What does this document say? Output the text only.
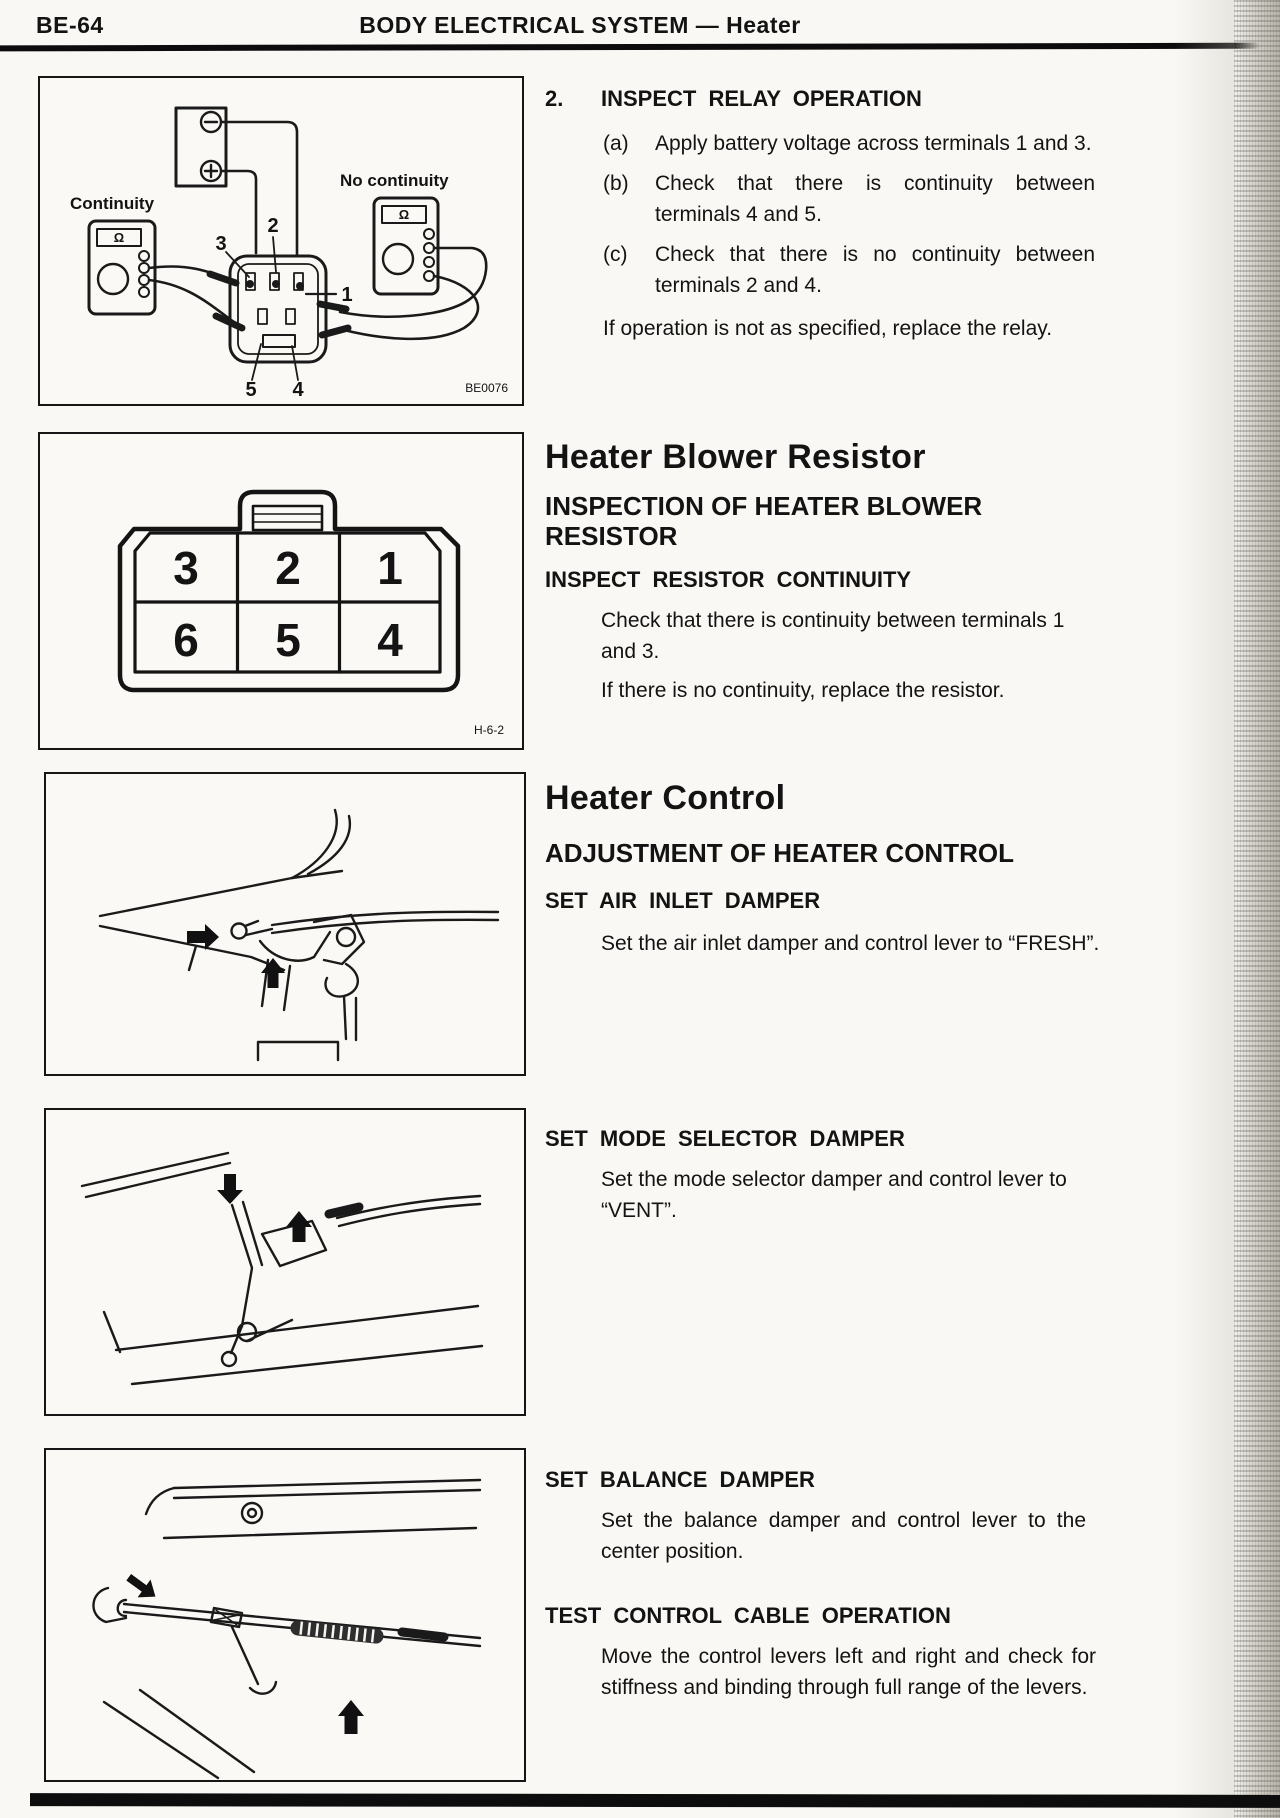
BE-64	BODY ELECTRICAL SYSTEM — Heater
Continuity
No continuity
Ω
Ω
3
2
1
5 4	BE0076
3 2 1
6 5 4
H-6-2
2.	INSPECT RELAY OPERATION
(a)	Apply battery voltage across terminals 1 and 3.
(b)	Check that there is continuity between terminals 4 and 5.
(c)	Check that there is no continuity between terminals 2 and 4.
If operation is not as specified, replace the relay.
Heater Blower Resistor
INSPECTION OF HEATER BLOWER RESISTOR
INSPECT RESISTOR CONTINUITY
Check that there is continuity between terminals 1 and 3.
If there is no continuity, replace the resistor.
Heater Control
ADJUSTMENT OF HEATER CONTROL
SET AIR INLET DAMPER
Set the air inlet damper and control lever to “FRESH”.
SET MODE SELECTOR DAMPER
Set the mode selector damper and control lever to “VENT”.
SET BALANCE DAMPER
Set the balance damper and control lever to the center position.
TEST CONTROL CABLE OPERATION
Move the control levers left and right and check for stiffness and binding through full range of the levers.
